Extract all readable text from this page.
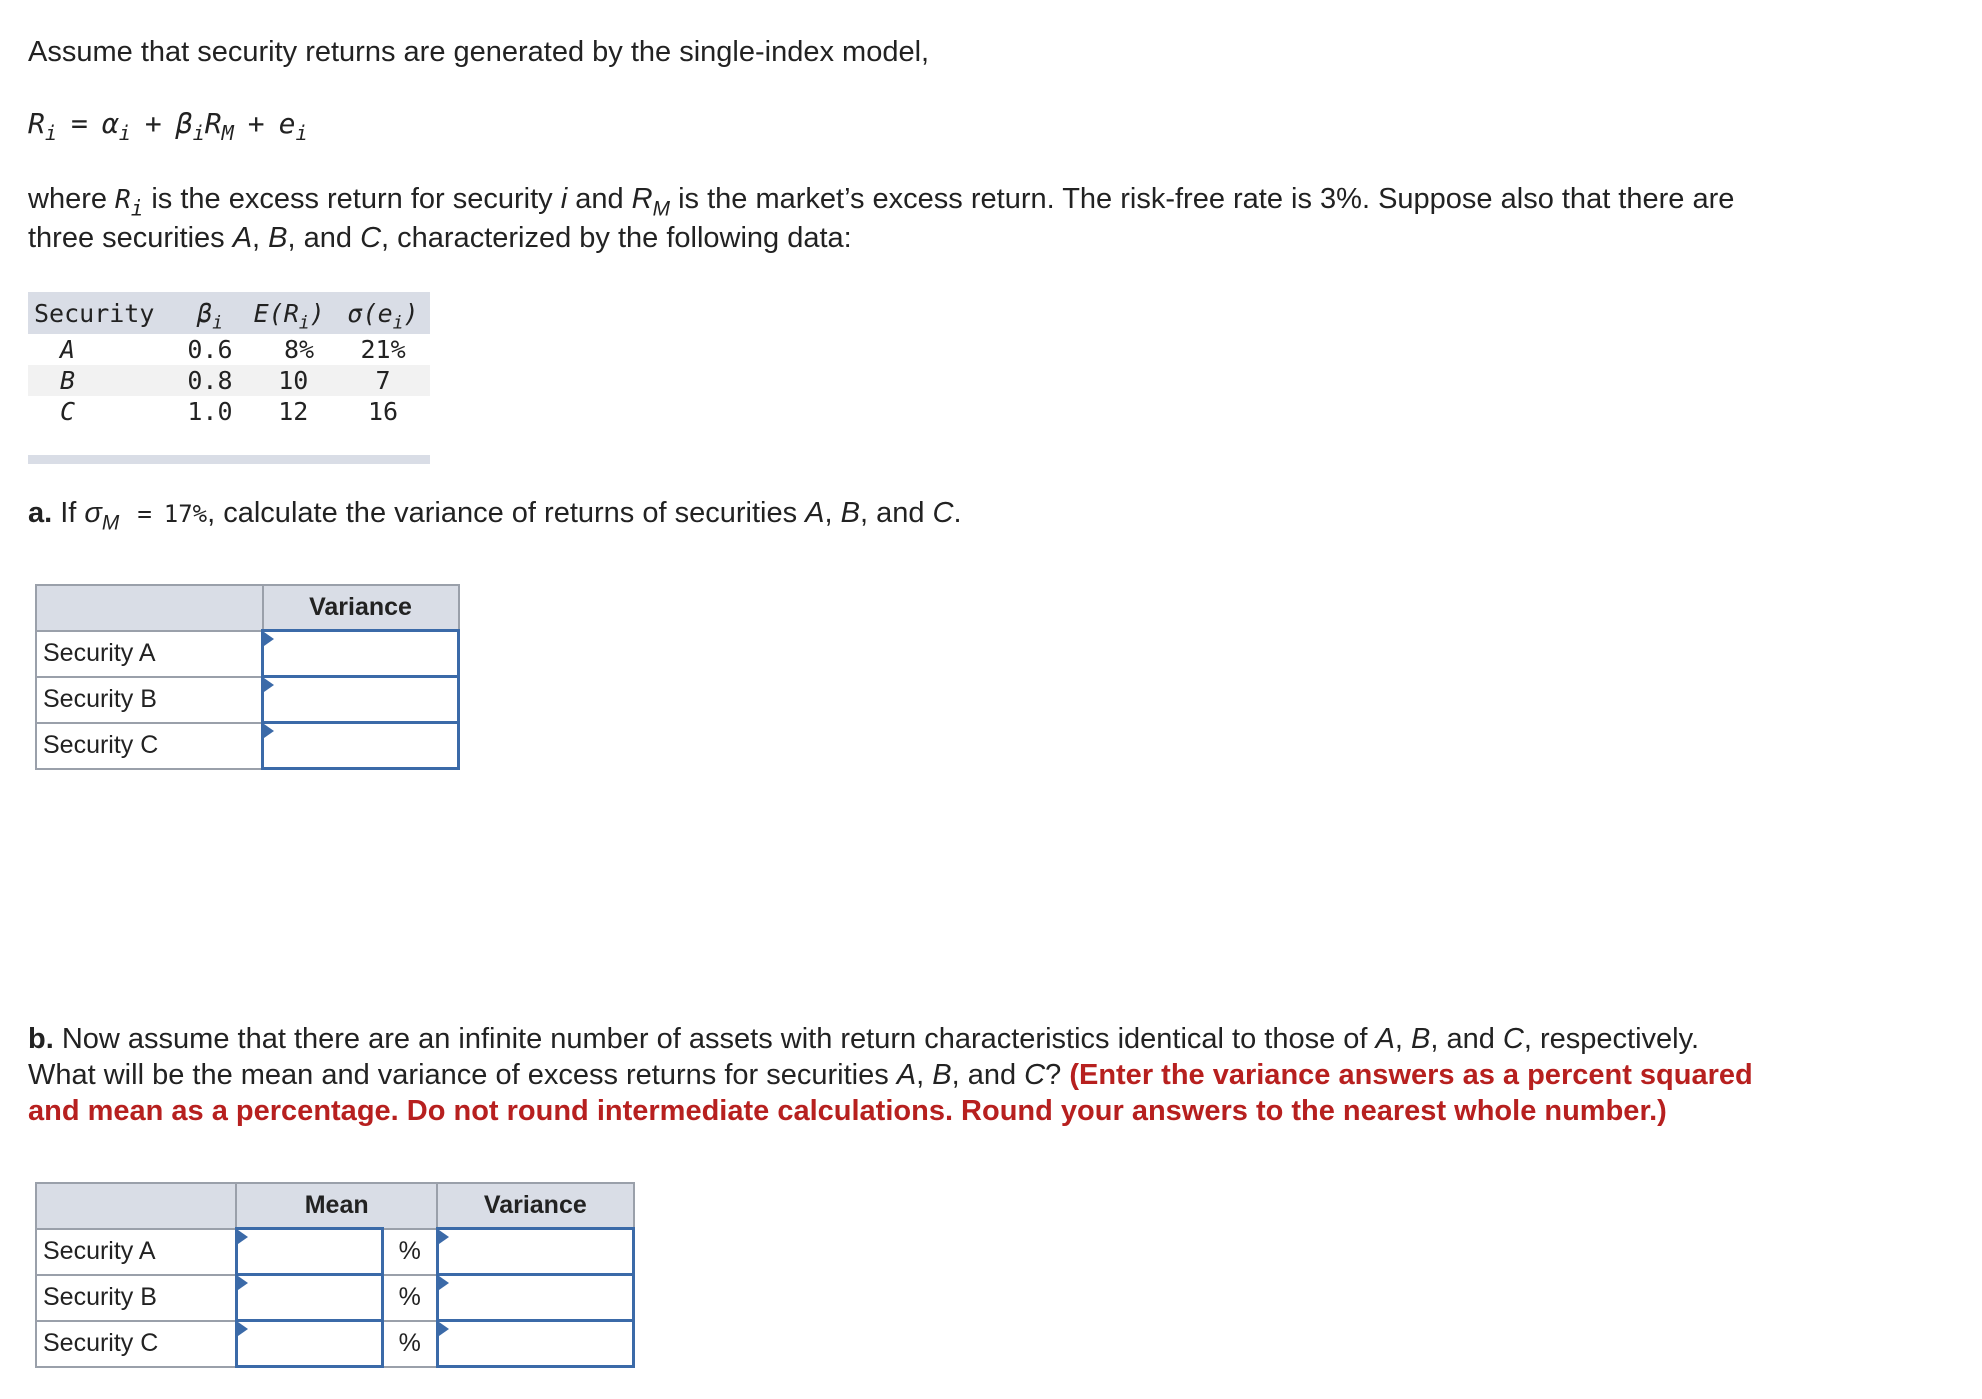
Assume that security returns are generated by the single-index model,
$R_i = \alpha_i + \beta_iR_M + e_i$
where $R_i$ is the excess return for security i and $R_M$ is the market’s excess return. The risk-free rate is 3%. Suppose also that there are
three securities A, B, and C, characterized by the following data:
Security	$\beta_i$	$E(R_i)$	$\sigma(e_i)$
A	0.6	8%	21%
B	0.8	10	7
C	1.0	12	16

a. If $\sigma_M = 17\%$, calculate the variance of returns of securities A, B, and C.
	Variance
Security A	

Security B	

Security C	
b. Now assume that there are an infinite number of assets with return characteristics identical to those of A, B, and C, respectively.
What will be the mean and variance of excess returns for securities A, B, and C? (Enter the variance answers as a percent squared
and mean as a percentage. Do not round intermediate calculations. Round your answers to the nearest whole number.)
	Mean		Variance
Security A		%	

Security B		%	

Security C		%	
